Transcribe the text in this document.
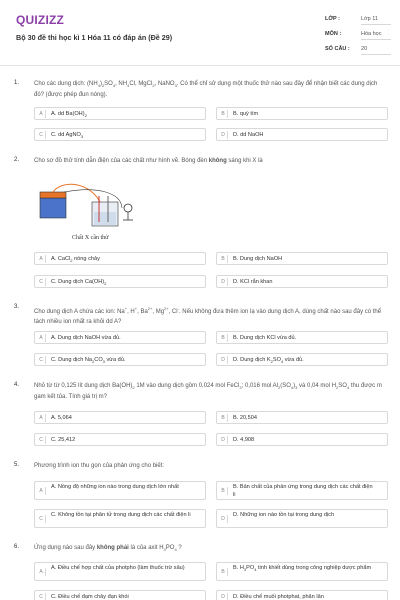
QUIZIZZ
Bộ 30 đề thi học kì 1 Hóa 11 có đáp án (Đề 29)
LỚP :	Lớp 11
MÔN :	Hóa học
SỐ CÂU : 20
1. Cho các dung dịch: $(NH_4)_2SO_4$, $NH_4Cl$, MgCl$_2$, NaNO$_3$. Có thể chỉ sử dụng một thuốc thử nào sau đây để nhận biết các dung dịch đó? (được phép đun nóng).
A	A. dd $Ba(OH)_2$	B	B. quỳ tím
C	C. dd AgNO$_3$	D	D. dd NaOH
2. Cho sơ đồ thử tính dẫn điện của các chất như hình vẽ. Bóng đèn không sáng khi X là
Chất X cần thử
A	A. CaCl$_2$ nóng chảy	B	B. Dung dịch NaOH
C	C. Dung dịch $Ca(OH)_2$	D	D. KCl rắn khan
3.
Cho dung dịch A chứa các ion: Na+, H+, $Ba^{2+}$, $Mg^{2+}$, Cl-. Nếu không đưa thêm ion lạ vào dung dịch A, dùng chất nào sau đây có thể tách nhiều ion nhất ra khỏi dd A?
A	A. Dung dịch NaOH vừa đủ.	B	B. Dung dịch KCl vừa đủ.
C	C. Dung dịch $Na_2CO_3$ vừa đủ.	D	D. Dung dịch $K_2SO_4$ vừa đủ.
4. Nhỏ từ từ 0,125 lít dung dịch $Ba(OH)_2$ 1M vào dung dịch gồm 0,024 mol FeCl$_3$; 0,016 mol $Al_2(SO_4)_3$ và 0,04 mol $H_2SO_4$ thu được m gam kết tủa. Tính giá trị m?
A	A. 5,064	B	B. 20,504
C	C. 25,412	D	D. 4,908
5. Phương trình ion thu gọn của phản ứng cho biết:
A
A. Nồng độ những ion nào trong dung dịch lớn nhất
B
B. Bản chất của phản ứng trong dung dịch các chất điện li
C
C. Không tồn tại phân tử trong dung dịch các chất điện li
D
D. Những ion nào tồn tại trong dung dịch
6. Ứng dụng nào sau đây không phải là của axit $H_3PO_4$ ?
A
A. Điều chế hợp chất của photpho (làm thuốc trừ sâu)
B
B. $H_3PO_4$ tinh khiết dùng trong công nghiệp dược phẩm
C	C. Điều chế đạm chảy đạn khói	D	D. Điều chế muối photphat, phân lân
